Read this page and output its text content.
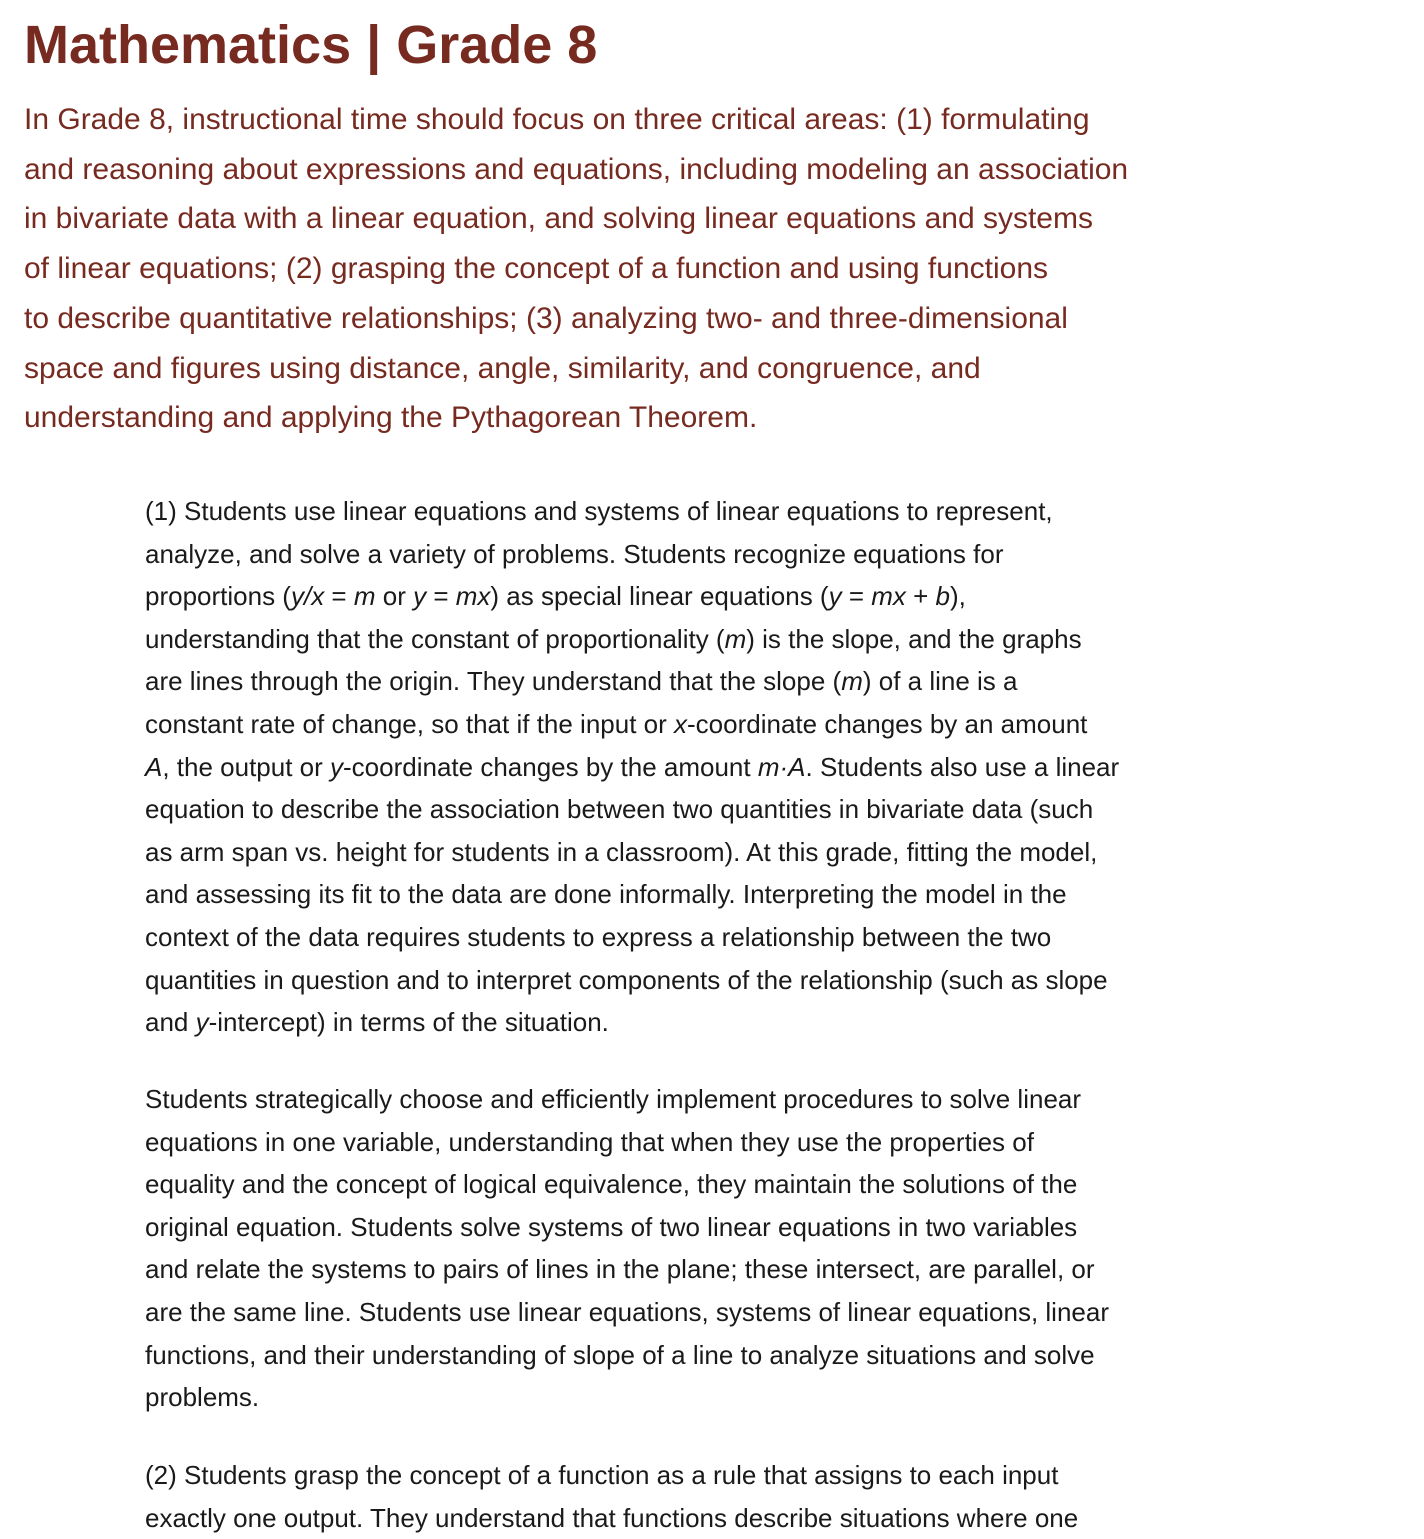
Mathematics | Grade 8

In Grade 8, instructional time should focus on three critical areas: (1) formulating
and reasoning about expressions and equations, including modeling an association
in bivariate data with a linear equation, and solving linear equations and systems
of linear equations; (2) grasping the concept of a function and using functions
to describe quantitative relationships; (3) analyzing two- and three-dimensional
space and figures using distance, angle, similarity, and congruence, and
understanding and applying the Pythagorean Theorem.

(1) Students use linear equations and systems of linear equations to represent,
analyze, and solve a variety of problems. Students recognize equations for
proportions (y/x = m or y = mx) as special linear equations (y = mx + b),
understanding that the constant of proportionality (m) is the slope, and the graphs
are lines through the origin. They understand that the slope (m) of a line is a
constant rate of change, so that if the input or x-coordinate changes by an amount
A, the output or y-coordinate changes by the amount m·A. Students also use a linear
equation to describe the association between two quantities in bivariate data (such
as arm span vs. height for students in a classroom). At this grade, fitting the model,
and assessing its fit to the data are done informally. Interpreting the model in the
context of the data requires students to express a relationship between the two
quantities in question and to interpret components of the relationship (such as slope
and y-intercept) in terms of the situation.

Students strategically choose and efficiently implement procedures to solve linear
equations in one variable, understanding that when they use the properties of
equality and the concept of logical equivalence, they maintain the solutions of the
original equation. Students solve systems of two linear equations in two variables
and relate the systems to pairs of lines in the plane; these intersect, are parallel, or
are the same line. Students use linear equations, systems of linear equations, linear
functions, and their understanding of slope of a line to analyze situations and solve
problems.

(2) Students grasp the concept of a function as a rule that assigns to each input
exactly one output. They understand that functions describe situations where one
